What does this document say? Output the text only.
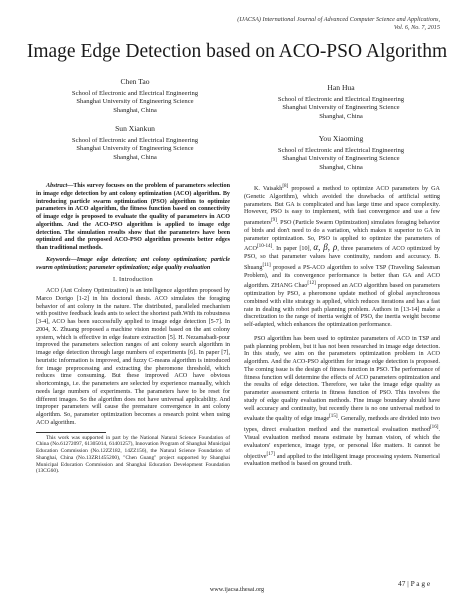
(IJACSA) International Journal of Advanced Computer Science and Applications,
Vol. 6, No. 7, 2015
Image Edge Detection based on ACO-PSO Algorithm
Chen Tao
School of Electronic and Electrical Engineering
Shanghai University of Engineering Science
Shanghai, China
Han Hua
School of Electronic and Electrical Engineering
Shanghai University of Engineering Science
Shanghai, China
Sun Xiankun
School of Electronic and Electrical Engineering
Shanghai University of Engineering Science
Shanghai, China
You Xiaoming
School of Electronic and Electrical Engineering
Shanghai University of Engineering Science
Shanghai, China

Abstract—This survey focuses on the problem of parameters selection in image edge detection by ant colony optimization (ACO) algorithm. By introducing particle swarm optimization (PSO) algorithm to optimize parameters in ACO algorithm, the fitness function based on connectivity of image edge is proposed to evaluate the quality of parameters in ACO algorithm. And the ACO-PSO algorithm is applied to image edge detection. The simulation results show that the parameters have been optimized and the proposed ACO-PSO algorithm presents better edges than traditional methods.

Keywords—Image edge detection; ant colony optimization; particle swarm optimization; parameter optimization; edge quality evaluation

I. Introduction

ACO (Ant Colony Optimization) is an intelligence algorithm proposed by Marco Dorigo [1-2] in his doctoral thesis. ACO simulates the foraging behavior of ant colony in the nature. The distributed, paralleled mechanism with positive feedback leads ants to select the shortest path.With its robustness [3-4], ACO has been successfully applied to image edge detection [5-7]. In 2004, X. Zhuang proposed a machine vision model based on the ant colony system, which is effective in edge feature extraction [5]. H. Nezamabadi-pour improved the parameters selection ranges of ant colony search algorithm in image edge detection through large numbers of experiments [6]. In paper [7], heuristic information is improved, and fuzzy C-means algorithm is introduced for image preprocessing and extracting the pheromone threshold, which reduces time consuming. But these improved ACO have obvious shortcomings, i.e. the parameters are selected by experience manually, which needs large numbers of experiments. The parameters have to be reset for different images. So the algorithm does not have universal applicability. And improper parameters will cause the premature convergence in ant colony algorithm. So, parameter optimization becomes a research point when using ACO algorithm.

This work was supported in part by the National Natural Science Foundation of China (No.61272097, 61305014, 61401257), Innovation Program of Shanghai Municipal Education Commission (No.12ZZ182, 14ZZ156), the Natural Science Foundation of Shanghai, China (No.13ZR1455200), "Chen Guang" project supported by Shanghai Municipal Education Commission and Shanghai Education Development Foundation (13CG60).

K. Vaisakh[8] proposed a method to optimize ACO parameters by GA (Genetic Algorithm), which avoided the drawbacks of artificial setting parameters. But GA is complicated and has large time and space complexity. However, PSO is easy to implement, with fast convergence and use a few parameters[9]. PSO (Particle Swarm Optimization) simulates foraging behavior of birds and don't need to do a variation, which makes it superior to GA in parameter optimization. So, PSO is applied to optimize the parameters of ACO[10-14]. In paper [10], α, β, ρ, three parameters of ACO optimized by PSO, so that parameter values have continuity, random and accuracy. B. Shuang[11] proposed a PS-ACO algorithm to solve TSP (Traveling Salesman Problem), and its convergence performance is better than GA and ACO algorithm. ZHANG Chao[12] proposed an ACO algorithm based on parameters optimization by PSO, a pheromone update method of global asynchronous combined with elite strategy is applied, which reduces iterations and has a fast rate in dealing with robot path planning problem. Authors in [13-14] make a discretization to the range of inertia weight of PSO, the inertia weight become self-adapted, which enhances the optimization performance.

PSO algorithm has been used to optimize parameters of ACO in TSP and path planning problem, but it has not been researched in image edge detection. In this study, we aim on the parameters optimization problem in ACO algorithm. And the ACO-PSO algorithm for image edge detection is proposed. The coming issue is the design of fitness function in PSO. The performance of fitness function will determine the effects of ACO parameters optimization and the results of edge detection. Therefore, we take the image edge quality as parameter assessment criteria in fitness function of PSO. This involves the study of edge quality evaluation methods. Fine image boundary should have well accuracy and continuity, but recently there is no one universal method to evaluate the quality of edge image[15]. Generally, methods are divided into two types, direct evaluation method and the numerical evaluation method[16]. Visual evaluation method means estimate by human vision, of which the evaluators' experience, image type, or personal like matters. It cannot be objective[17] and applied to the intelligent image processing system. Numerical evaluation method is based on ground truth.

47 | P a g e
www.ijacsa.thesai.org
